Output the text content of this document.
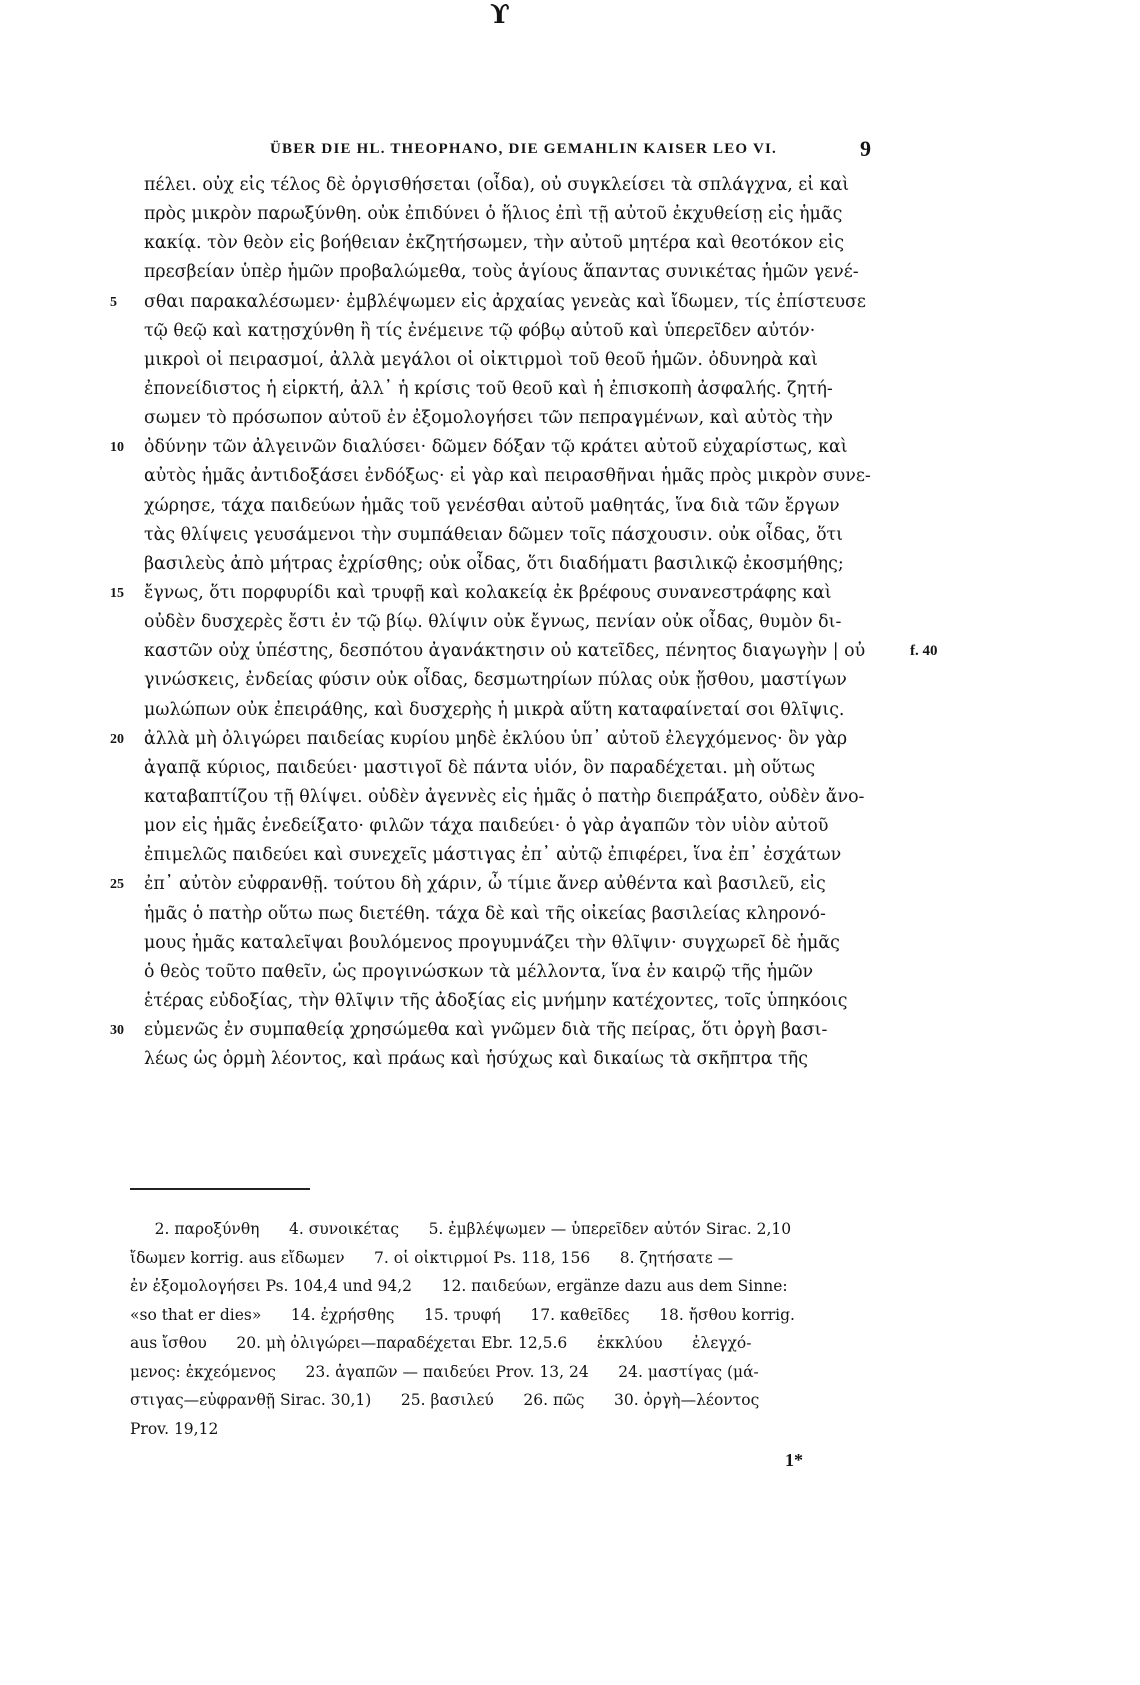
ϒ
ÜBER DIE HL. THEOPHANO, DIE GEMAHLIN KAISER LEO VI.	9
πέλει. οὐχ εἰς τέλος δὲ ὀργισθήσεται (οἶδα), οὐ συγκλείσει τὰ σπλάγχνα, εἰ καὶ
πρὸς μικρὸν παρωξύνθη. οὐκ ἐπιδύνει ὁ ἥλιος ἐπὶ τῇ αὐτοῦ ἐκχυθείσῃ εἰς ἡμᾶς
κακίᾳ. τὸν θεὸν εἰς βοήθειαν ἐκζητήσωμεν, τὴν αὐτοῦ μητέρα καὶ θεοτόκον εἰς
πρεσβείαν ὑπὲρ ἡμῶν προβαλώμεθα, τοὺς ἁγίους ἅπαντας συνικέτας ἡμῶν γενέ-
5	σθαι παρακαλέσωμεν· ἐμβλέψωμεν εἰς ἀρχαίας γενεὰς καὶ ἴδωμεν, τίς ἐπίστευσε
τῷ θεῷ καὶ κατῃσχύνθη ἢ τίς ἐνέμεινε τῷ φόβῳ αὐτοῦ καὶ ὑπερεῖδεν αὐτόν·
μικροὶ οἱ πειρασμοί, ἀλλὰ μεγάλοι οἱ οἰκτιρμοὶ τοῦ θεοῦ ἡμῶν. ὀδυνηρὰ καὶ
ἐπονείδιστος ἡ εἱρκτή, ἀλλ᾽ ἡ κρίσις τοῦ θεοῦ καὶ ἡ ἐπισκοπὴ ἀσφαλής. ζητή-
σωμεν τὸ πρόσωπον αὐτοῦ ἐν ἐξομολογήσει τῶν πεπραγμένων, καὶ αὐτὸς τὴν
10	ὀδύνην τῶν ἀλγεινῶν διαλύσει· δῶμεν δόξαν τῷ κράτει αὐτοῦ εὐχαρίστως, καὶ
αὐτὸς ἡμᾶς ἀντιδοξάσει ἐνδόξως· εἰ γὰρ καὶ πειρασθῆναι ἡμᾶς πρὸς μικρὸν συνε-
χώρησε, τάχα παιδεύων ἡμᾶς τοῦ γενέσθαι αὐτοῦ μαθητάς, ἵνα διὰ τῶν ἔργων
τὰς θλίψεις γευσάμενοι τὴν συμπάθειαν δῶμεν τοῖς πάσχουσιν. οὐκ οἶδας, ὅτι
βασιλεὺς ἀπὸ μήτρας ἐχρίσθης; οὐκ οἶδας, ὅτι διαδήματι βασιλικῷ ἐκοσμήθης;
15	ἔγνως, ὅτι πορφυρίδι καὶ τρυφῇ καὶ κολακείᾳ ἐκ βρέφους συνανεστράφης καὶ
οὐδὲν δυσχερὲς ἔστι ἐν τῷ βίῳ. θλίψιν οὐκ ἔγνως, πενίαν οὐκ οἶδας, θυμὸν δι-
καστῶν οὐχ ὑπέστης, δεσπότου ἀγανάκτησιν οὐ κατεῖδες, πένητος διαγωγὴν | οὐ	f. 40
γινώσκεις, ἐνδείας φύσιν οὐκ οἶδας, δεσμωτηρίων πύλας οὐκ ᾔσθου, μαστίγων
μωλώπων οὐκ ἐπειράθης, καὶ δυσχερὴς ἡ μικρὰ αὕτη καταφαίνεταί σοι θλῖψις.
20	ἀλλὰ μὴ ὀλιγώρει παιδείας κυρίου μηδὲ ἐκλύου ὑπ᾽ αὐτοῦ ἐλεγχόμενος· ὃν γὰρ
ἀγαπᾷ κύριος, παιδεύει· μαστιγοῖ δὲ πάντα υἱόν, ὃν παραδέχεται. μὴ οὕτως
καταβαπτίζου τῇ θλίψει. οὐδὲν ἀγεννὲς εἰς ἡμᾶς ὁ πατὴρ διεπράξατο, οὐδὲν ἄνο-
μον εἰς ἡμᾶς ἐνεδείξατο· φιλῶν τάχα παιδεύει· ὁ γὰρ ἀγαπῶν τὸν υἱὸν αὐτοῦ
ἐπιμελῶς παιδεύει καὶ συνεχεῖς μάστιγας ἐπ᾽ αὐτῷ ἐπιφέρει, ἵνα ἐπ᾽ ἐσχάτων
25	ἐπ᾽ αὐτὸν εὐφρανθῇ. τούτου δὴ χάριν, ὦ τίμιε ἄνερ αὐθέντα καὶ βασιλεῦ, εἰς
ἡμᾶς ὁ πατὴρ οὕτω πως διετέθη. τάχα δὲ καὶ τῆς οἰκείας βασιλείας κληρονό-
μους ἡμᾶς καταλεῖψαι βουλόμενος προγυμνάζει τὴν θλῖψιν· συγχωρεῖ δὲ ἡμᾶς
ὁ θεὸς τοῦτο παθεῖν, ὡς προγινώσκων τὰ μέλλοντα, ἵνα ἐν καιρῷ τῆς ἡμῶν
ἑτέρας εὐδοξίας, τὴν θλῖψιν τῆς ἀδοξίας εἰς μνήμην κατέχοντες, τοῖς ὑπηκόοις
30	εὐμενῶς ἐν συμπαθείᾳ χρησώμεθα καὶ γνῶμεν διὰ τῆς πείρας, ὅτι ὀργὴ βασι-
λέως ὡς ὁρμὴ λέοντος, καὶ πράως καὶ ἡσύχως καὶ δικαίως τὰ σκῆπτρα τῆς
2. παροξύνθη      4. συνοικέτας      5. ἐμβλέψωμεν — ὑπερεῖδεν αὐτόν Sirac. 2,10
ἴδωμεν korrig. aus εἴδωμεν      7. οἱ οἰκτιρμοί Ps. 118, 156      8. ζητήσατε —
ἐν ἐξομολογήσει Ps. 104,4 und 94,2      12. παιδεύων, ergänze dazu aus dem Sinne:
«so that er dies»      14. ἐχρήσθης      15. τρυφή      17. καθεῖδες      18. ἤσθου korrig.
aus ἴσθου      20. μὴ ὀλιγώρει—παραδέχεται Ebr. 12,5.6      ἐκκλύου      ἐλεγχό-
μενος: ἐκχεόμενος      23. ἀγαπῶν — παιδεύει Prov. 13, 24      24. μαστίγας (μά-
στιγας—εὐφρανθῇ Sirac. 30,1)      25. βασιλεύ      26. πῶς      30. ὀργὴ—λέοντος
Prov. 19,12
1*
